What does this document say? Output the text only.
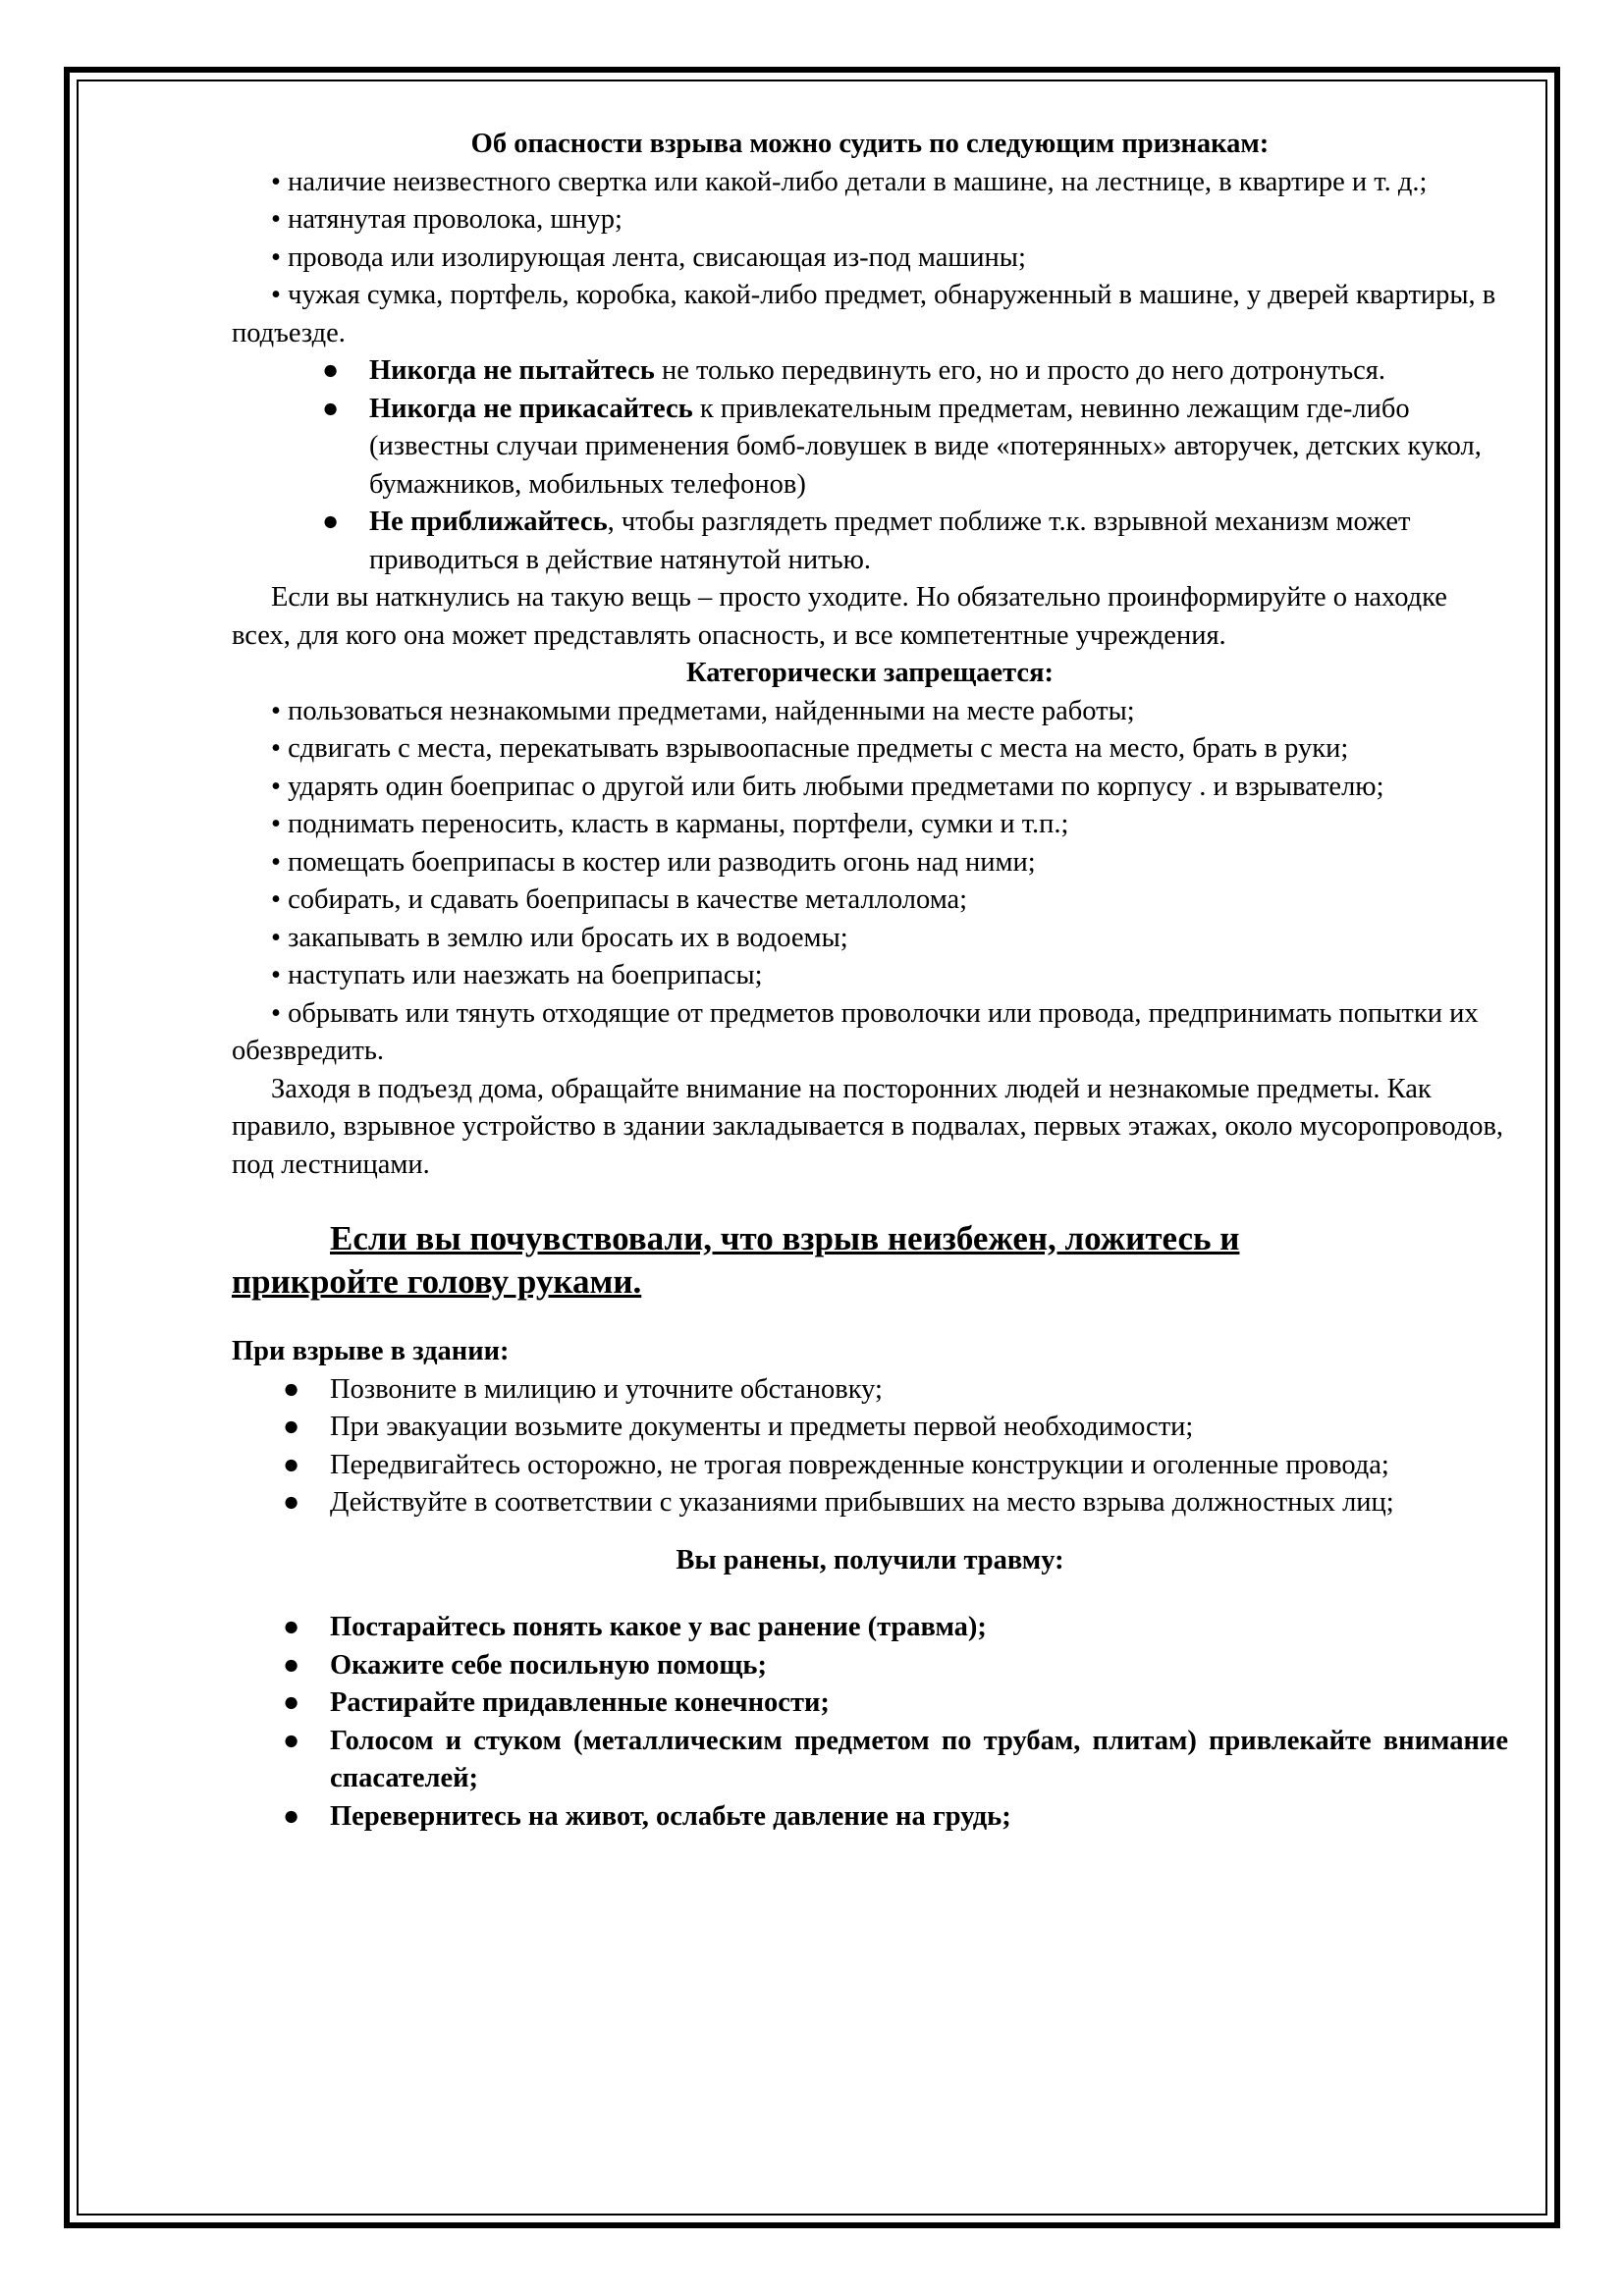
Об опасности взрыва можно судить по следующим признакам:

• наличие неизвестного свертка или какой-либо детали в машине, на лестнице, в квартире и т. д.;

• натянутая проволока, шнур;

• провода или изолирующая лента, свисающая из-под машины;

• чужая сумка, портфель, коробка, какой-либо предмет, обнаруженный в машине, у дверей квартиры, в подъезде.

● Никогда не пытайтесь не только передвинуть его, но и просто до него дотронуться.
● Никогда не прикасайтесь к привлекательным предметам, невинно лежащим где-либо (известны случаи применения бомб-ловушек в виде «потерянных» авторучек, детских кукол, бумажников, мобильных телефонов)
● Не приближайтесь, чтобы разглядеть предмет поближе т.к. взрывной механизм может приводиться в действие натянутой нитью.

Если вы наткнулись на такую вещь – просто уходите. Но обязательно проинформируйте о находке всех, для кого она может представлять опасность, и все компетентные учреждения.

Категорически запрещается:

• пользоваться незнакомыми предметами, найденными на месте работы;

• сдвигать с места, перекатывать взрывоопасные предметы с места на место, брать в руки;

• ударять один боеприпас о другой или бить любыми предметами по корпусу . и взрывателю;

• поднимать переносить, класть в карманы, портфели, сумки и т.п.;

• помещать боеприпасы в костер или разводить огонь над ними;

• собирать, и сдавать боеприпасы в качестве металлолома;

• закапывать в землю или бросать их в водоемы;

• наступать или наезжать на боеприпасы;

• обрывать или тянуть отходящие от предметов проволочки или провода, предпринимать попытки их обезвредить.

Заходя в подъезд дома, обращайте внимание на посторонних людей и незнакомые предметы. Как правило, взрывное устройство в здании закладывается в подвалах, первых этажах, около мусоропроводов, под лестницами.

Если вы почувствовали, что взрыв неизбежен, ложитесь и
прикройте голову руками.

При взрыве в здании:

● Позвоните в милицию и уточните обстановку;
● При эвакуации возьмите документы и предметы первой необходимости;
● Передвигайтесь осторожно, не трогая поврежденные конструкции и оголенные провода;
● Действуйте в соответствии с указаниями прибывших на место взрыва должностных лиц;

Вы ранены, получили травму:

● Постарайтесь понять какое у вас ранение (травма);
● Окажите себе посильную помощь;
● Растирайте придавленные конечности;
● Голосом и стуком (металлическим предметом по трубам, плитам) привлекайте внимание спасателей;
● Перевернитесь на живот, ослабьте давление на грудь;
